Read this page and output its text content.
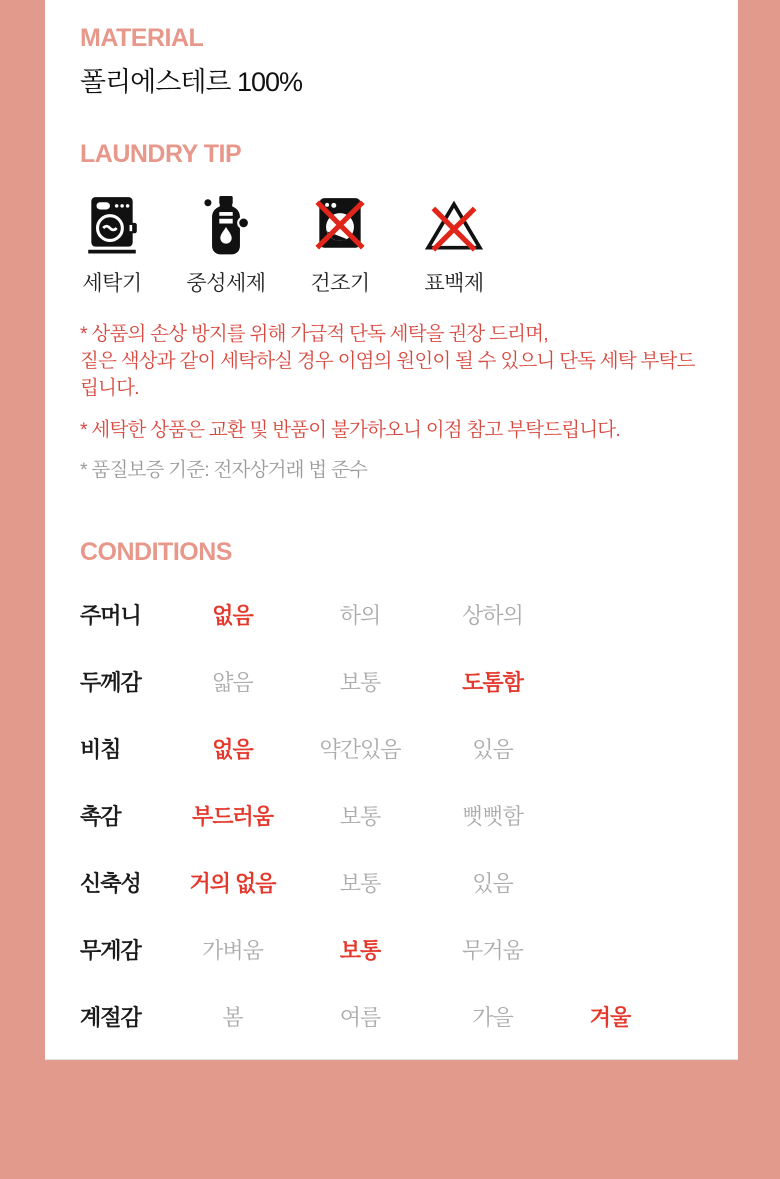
MATERIAL
폴리에스테르 100%
LAUNDRY TIP
세탁기 중성세제 건조기	표백제

* 상품의 손상 방지를 위해 가급적 단독 세탁을 권장 드리며,
짙은 색상과 같이 세탁하실 경우 이염의 원인이 될 수 있으니 단독 세탁 부탁드립니다.

* 세탁한 상품은 교환 및 반품이 불가하오니 이점 참고 부탁드립니다.

* 품질보증 기준: 전자상거래 법 준수
CONDITIONS
주머니	없음	하의	상하의
두께감	얇음	보통	도톰함
비침	없음	약간있음	있음
촉감	부드러움	보통	뻣뻣함
신축성	거의 없음	보통	있음
무게감	가벼움	보통	무거움
계절감	봄	여름	가을	겨울
